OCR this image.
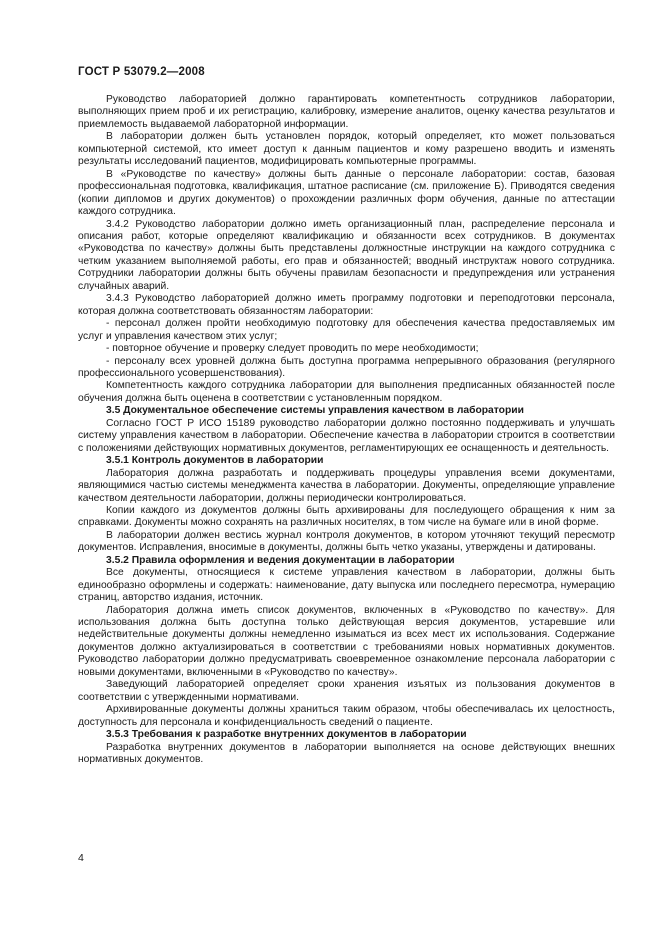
ГОСТ Р 53079.2—2008

Руководство лабораторией должно гарантировать компетентность сотрудников лаборатории, выполняющих прием проб и их регистрацию, калибровку, измерение аналитов, оценку качества результатов и приемлемость выдаваемой лабораторной информации.

В лаборатории должен быть установлен порядок, который определяет, кто может пользоваться компьютерной системой, кто имеет доступ к данным пациентов и кому разрешено вводить и изменять результаты исследований пациентов, модифицировать компьютерные программы.

В «Руководстве по качеству» должны быть данные о персонале лаборатории: состав, базовая профессиональная подготовка, квалификация, штатное расписание (см. приложение Б). Приводятся сведения (копии дипломов и других документов) о прохождении различных форм обучения, данные по аттестации каждого сотрудника.

3.4.2 Руководство лаборатории должно иметь организационный план, распределение персонала и описания работ, которые определяют квалификацию и обязанности всех сотрудников. В документах «Руководства по качеству» должны быть представлены должностные инструкции на каждого сотрудника с четким указанием выполняемой работы, его прав и обязанностей; вводный инструктаж нового сотрудника. Сотрудники лаборатории должны быть обучены правилам безопасности и предупреждения или устранения случайных аварий.

3.4.3 Руководство лабораторией должно иметь программу подготовки и переподготовки персонала, которая должна соответствовать обязанностям лаборатории:

- персонал должен пройти необходимую подготовку для обеспечения качества предоставляемых им услуг и управления качеством этих услуг;

- повторное обучение и проверку следует проводить по мере необходимости;

- персоналу всех уровней должна быть доступна программа непрерывного образования (регулярного профессионального усовершенствования).

Компетентность каждого сотрудника лаборатории для выполнения предписанных обязанностей после обучения должна быть оценена в соответствии с установленным порядком.

3.5 Документальное обеспечение системы управления качеством в лаборатории

Согласно ГОСТ Р ИСО 15189 руководство лаборатории должно постоянно поддерживать и улучшать систему управления качеством в лаборатории. Обеспечение качества в лаборатории строится в соответствии с положениями действующих нормативных документов, регламентирующих ее оснащенность и деятельность.

3.5.1 Контроль документов в лаборатории

Лаборатория должна разработать и поддерживать процедуры управления всеми документами, являющимися частью системы менеджмента качества в лаборатории. Документы, определяющие управление качеством деятельности лаборатории, должны периодически контролироваться.

Копии каждого из документов должны быть архивированы для последующего обращения к ним за справками. Документы можно сохранять на различных носителях, в том числе на бумаге или в иной форме.

В лаборатории должен вестись журнал контроля документов, в котором уточняют текущий пересмотр документов. Исправления, вносимые в документы, должны быть четко указаны, утверждены и датированы.

3.5.2 Правила оформления и ведения документации в лаборатории

Все документы, относящиеся к системе управления качеством в лаборатории, должны быть единообразно оформлены и содержать: наименование, дату выпуска или последнего пересмотра, нумерацию страниц, авторство издания, источник.

Лаборатория должна иметь список документов, включенных в «Руководство по качеству». Для использования должна быть доступна только действующая версия документов, устаревшие или недействительные документы должны немедленно изыматься из всех мест их использования. Содержание документов должно актуализироваться в соответствии с требованиями новых нормативных документов. Руководство лаборатории должно предусматривать своевременное ознакомление персонала лаборатории с новыми документами, включенными в «Руководство по качеству».

Заведующий лабораторией определяет сроки хранения изъятых из пользования документов в соответствии с утвержденными нормативами.

Архивированные документы должны храниться таким образом, чтобы обеспечивалась их целостность, доступность для персонала и конфиденциальность сведений о пациенте.

3.5.3 Требования к разработке внутренних документов в лаборатории

Разработка внутренних документов в лаборатории выполняется на основе действующих внешних нормативных документов.

4
